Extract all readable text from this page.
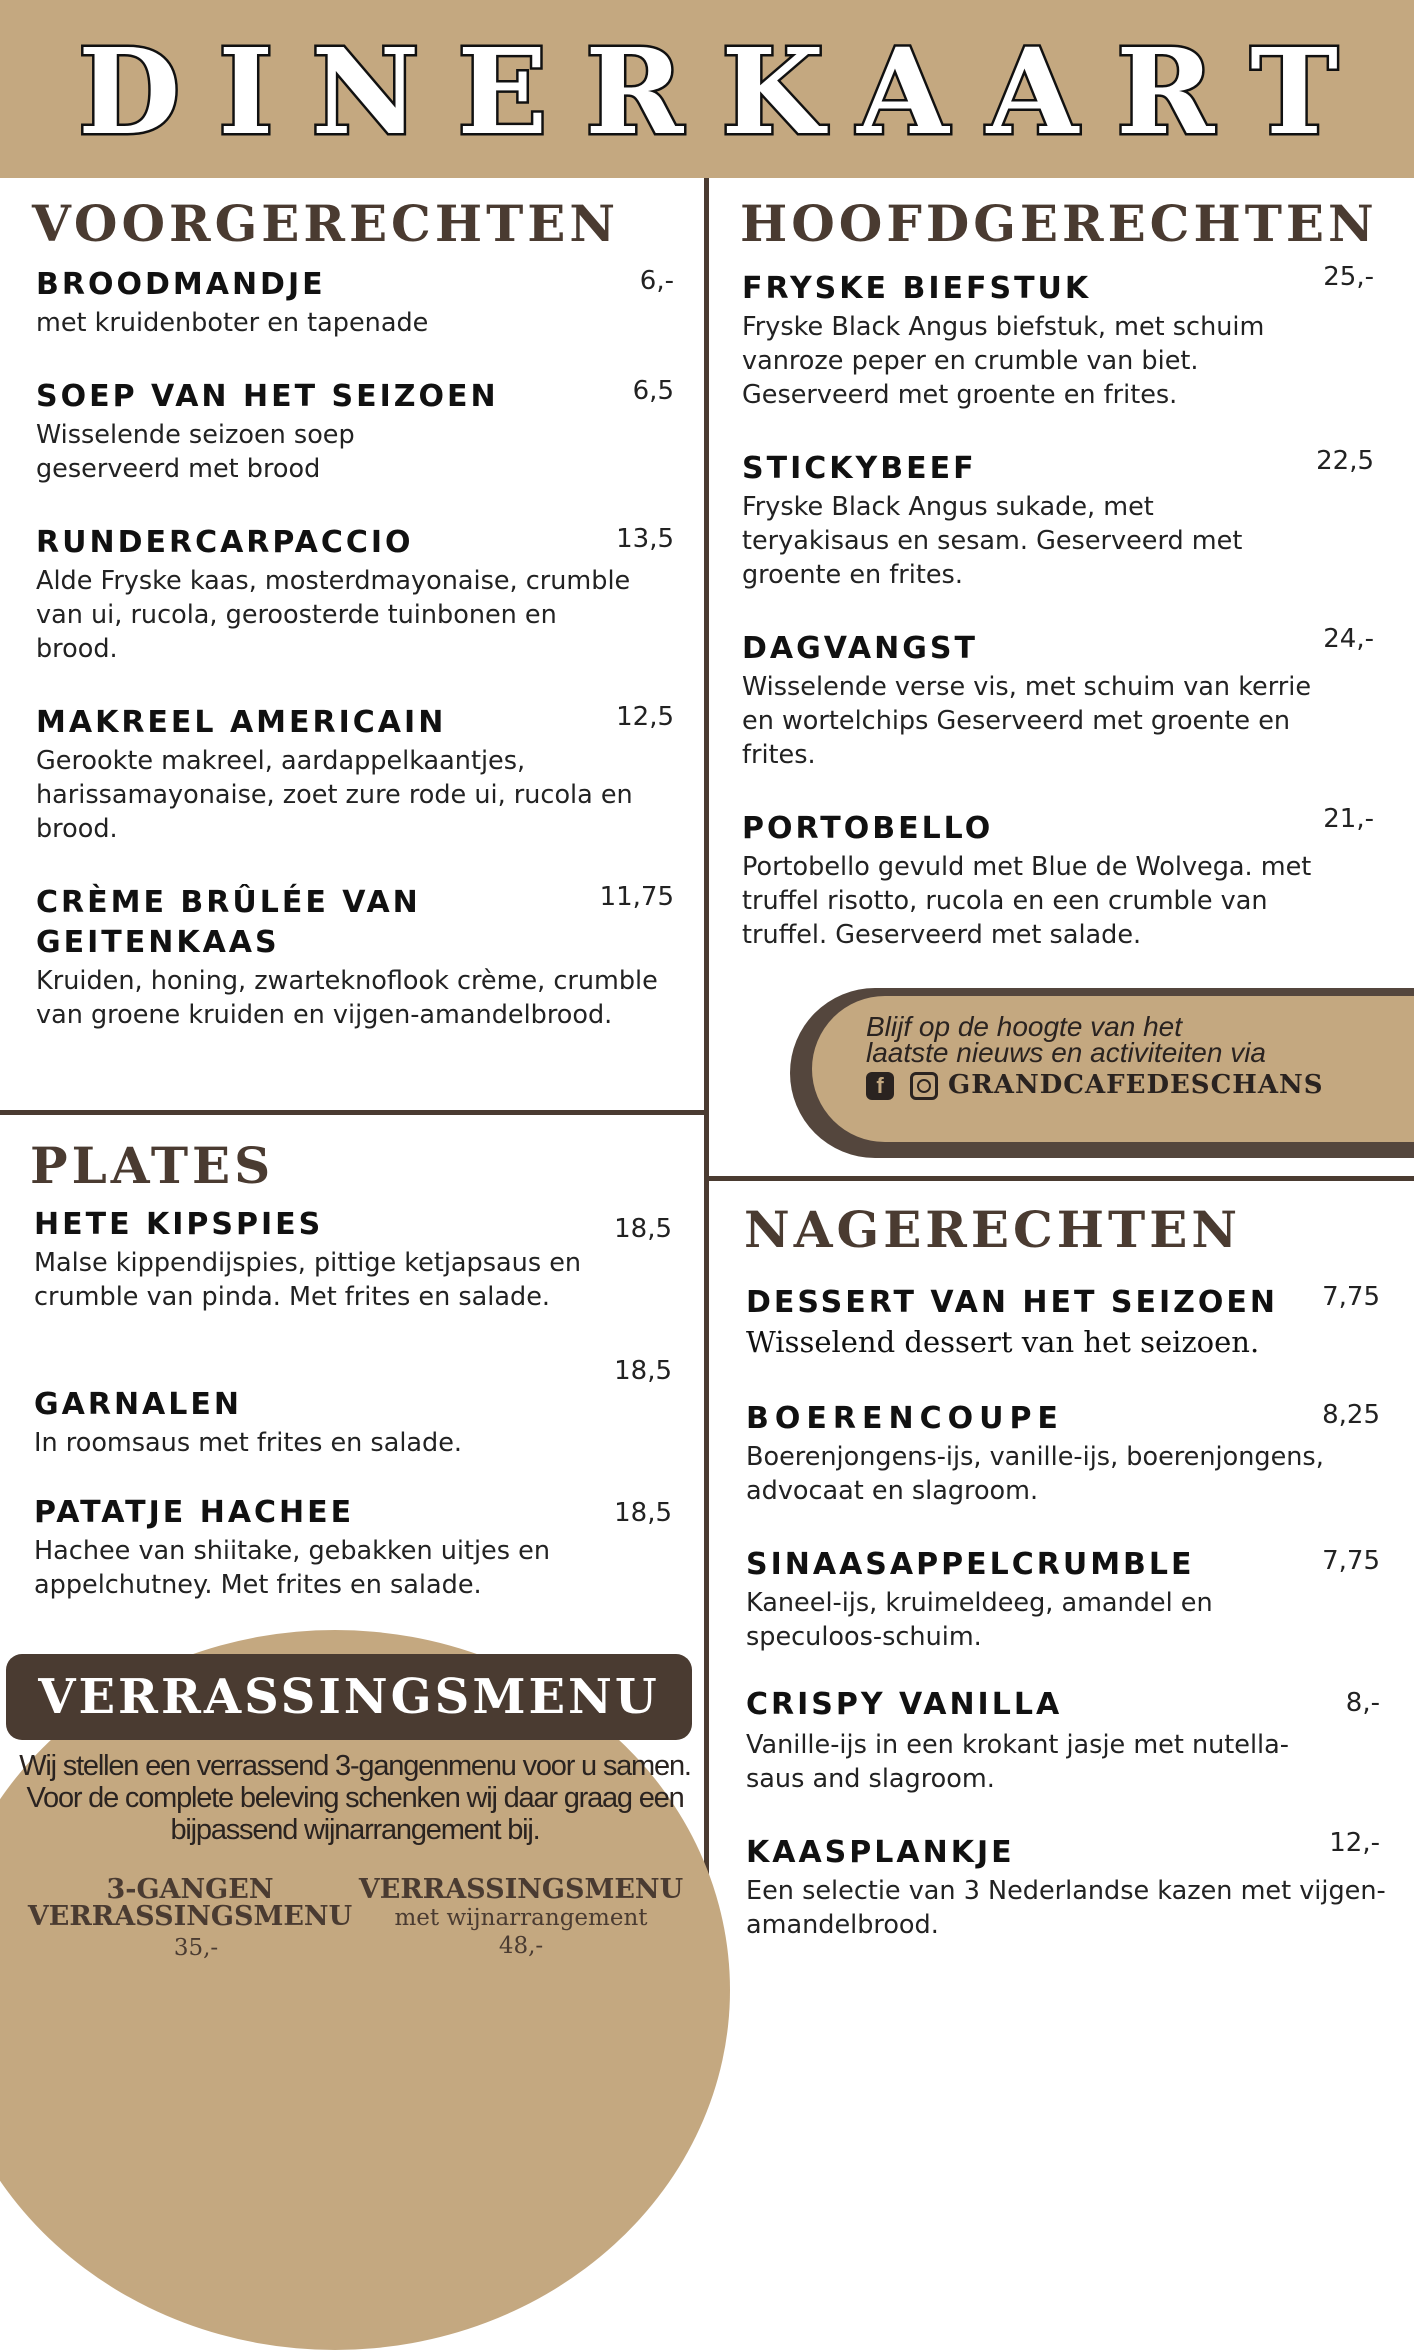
DINERKAART
VOORGERECHTEN
BROODMANDJE	6,-
met kruidenboter en tapenade
SOEP VAN HET SEIZOEN	6,5
Wisselende seizoen soep geserveerd met brood
RUNDERCARPACCIO	13,5
Alde Fryske kaas, mosterdmayonaise, crumble van ui, rucola, geroosterde tuinbonen en brood.
MAKREEL AMERICAIN	12,5
Gerookte makreel, aardappelkaantjes, harissamayonaise, zoet zure rode ui, rucola en brood.
CRÈME BRÛLÉE VAN
GEITENKAAS
11,75
Kruiden, honing, zwarteknoflook crème, crumble van groene kruiden en vijgen-amandelbrood.
HOOFDGERECHTEN
FRYSKE BIEFSTUK	25,-
Fryske Black Angus biefstuk, met schuim vanroze peper en crumble van biet. Geserveerd met groente en frites.
STICKYBEEF	22,5
Fryske Black Angus sukade, met teryakisaus en sesam. Geserveerd met groente en frites.
DAGVANGST	24,-
Wisselende verse vis, met schuim van kerrie en wortelchips Geserveerd met groente en frites.
PORTOBELLO	21,-
Portobello gevuld met Blue de Wolvega. met truffel risotto, rucola en een crumble van truffel. Geserveerd met salade.
Blijf op de hoogte van het
laatste nieuws en activiteiten via
f	GRANDCAFEDESCHANS
PLATES
HETE KIPSPIES	18,5
Malse kippendijspies, pittige ketjapsaus en crumble van pinda. Met frites en salade.
GARNALEN
18,5
In roomsaus met frites en salade.
PATATJE HACHEE	18,5
Hachee van shiitake, gebakken uitjes en appelchutney. Met frites en salade.
NAGERECHTEN
DESSERT VAN HET SEIZOEN	7,75
Wisselend dessert van het seizoen.
BOERENCOUPE	8,25
Boerenjongens-ijs, vanille-ijs, boerenjongens, advocaat en slagroom.
SINAASAPPELCRUMBLE	7,75
Kaneel-ijs, kruimeldeeg, amandel en speculoos-schuim.
CRISPY VANILLA	8,-
Vanille-ijs in een krokant jasje met nutella-saus and slagroom.
KAASPLANKJE	12,-
Een selectie van 3 Nederlandse kazen met vijgen-amandelbrood.
VERRASSINGSMENU
Wij stellen een verrassend 3-gangenmenu voor u samen. Voor de complete beleving schenken wij daar graag een bijpassend wijnarrangement bij.
3-GANGEN
VERRASSINGSMENU
35,-
VERRASSINGSMENU
met wijnarrangement
48,-
